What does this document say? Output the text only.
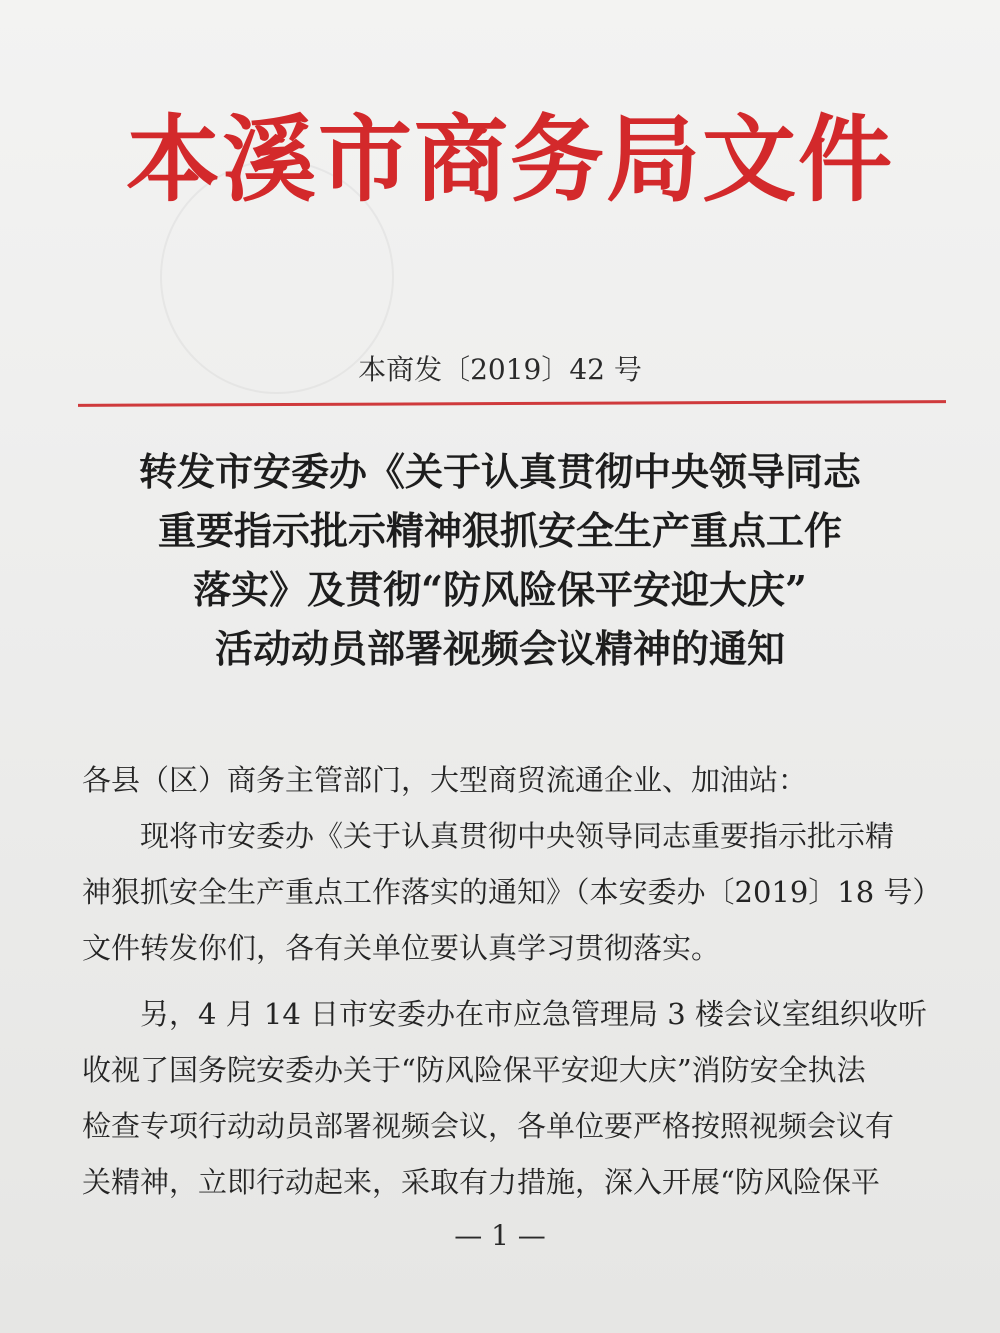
本溪市商务局文件
本商发〔2019〕42 号
转发市安委办《关于认真贯彻中央领导同志
重要指示批示精神狠抓安全生产重点工作
落实》及贯彻“防风险保平安迎大庆”
活动动员部署视频会议精神的通知
各县（区）商务主管部门，大型商贸流通企业、加油站：
现将市安委办《关于认真贯彻中央领导同志重要指示批示精
神狠抓安全生产重点工作落实的通知》（本安委办〔2019〕18 号）
文件转发你们，各有关单位要认真学习贯彻落实。
另，4 月 14 日市安委办在市应急管理局 3 楼会议室组织收听
收视了国务院安委办关于“防风险保平安迎大庆”消防安全执法
检查专项行动动员部署视频会议，各单位要严格按照视频会议有
关精神，立即行动起来，采取有力措施，深入开展“防风险保平
— 1 —
